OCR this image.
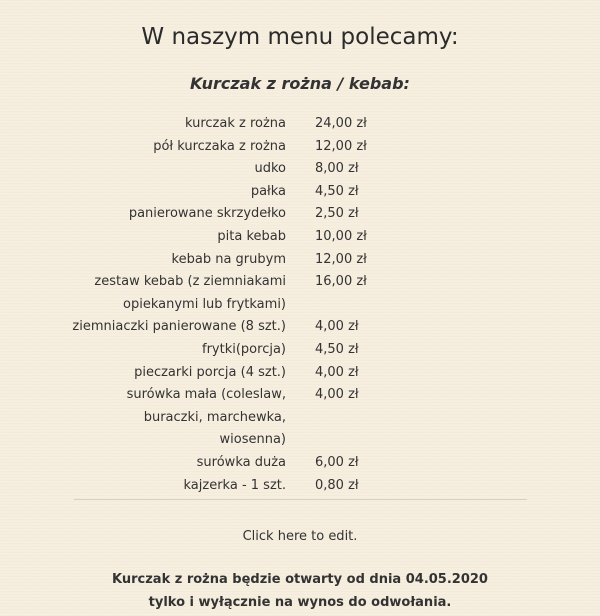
W naszym menu polecamy:
Kurczak z rożna / kebab:
kurczak z rożna 24,00 zł
pół kurczaka z rożna 12,00 zł
udko 8,00 zł
pałka 4,50 zł
panierowane skrzydełko 2,50 zł
pita kebab 10,00 zł
kebab na grubym 12,00 zł
zestaw kebab (z ziemniakami opiekanymi lub frytkami)
16,00 zł
ziemniaczki panierowane (8 szt.) 4,00 zł
frytki(porcja) 4,50 zł
pieczarki porcja (4 szt.) 4,00 zł
surówka mała (coleslaw, buraczki, marchewka, wiosenna)
4,00 zł
surówka duża 6,00 zł
kajzerka - 1 szt. 0,80 zł
Click here to edit.
Kurczak z rożna będzie otwarty od dnia 04.05.2020 tylko i wyłącznie na wynos do odwołania.
